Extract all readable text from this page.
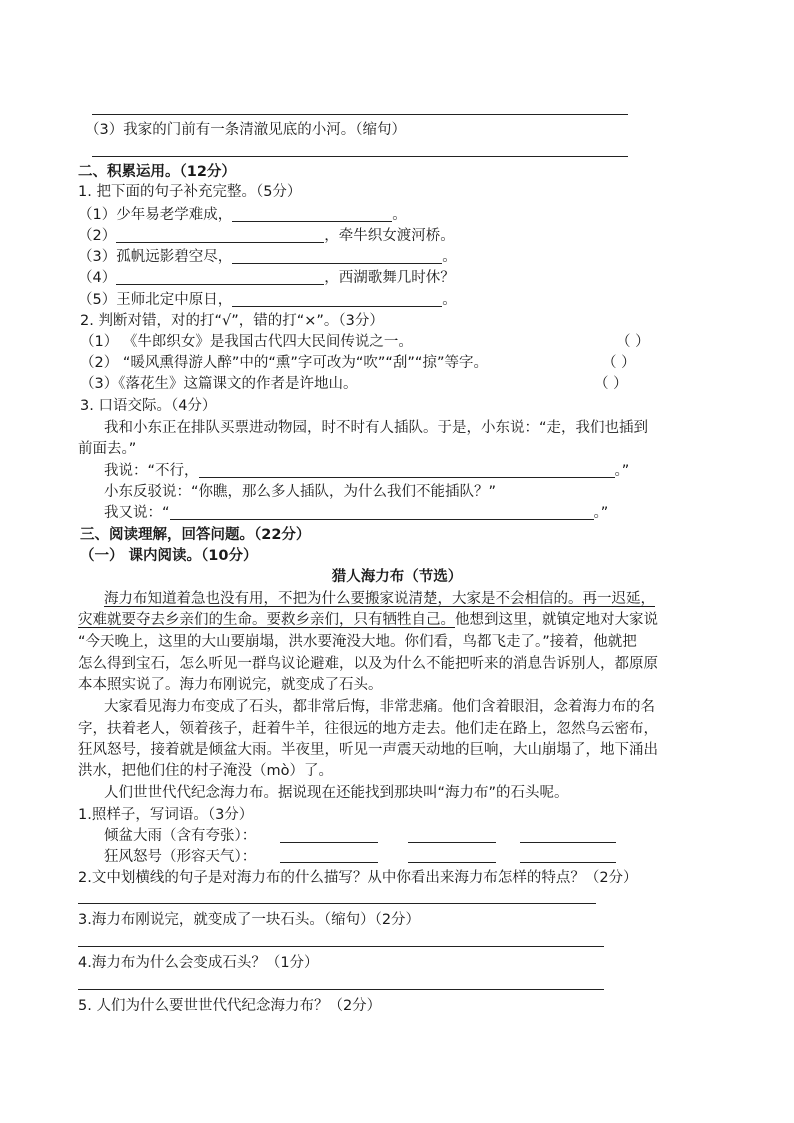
（3）我家的门前有一条清澈见底的小河。（缩句）
二、积累运用。（12分）
1. 把下面的句子补充完整。（5分）
（1）少年易老学难成，	。
（2）	，牵牛织女渡河桥。
（3）孤帆远影碧空尽，	。
（4）	，西湖歌舞几时休？
（5）王师北定中原日，	。
2. 判断对错，对的打“√”，错的打“×”。（3分）
（1） 《牛郎织女》是我国古代四大民间传说之一。	（ ）
（2） “暖风熏得游人醉”中的“熏”字可改为“吹”“刮”“掠”等字。	（ ）
（3）《落花生》这篇课文的作者是许地山。	（ ）
3. 口语交际。（4分）
我和小东正在排队买票进动物园，时不时有人插队。于是，小东说：“走，我们也插到
前面去。”
我说：“不行，	。”
小东反驳说：“你瞧，那么多人插队，为什么我们不能插队？”
我又说：“	。”
三、阅读理解，回答问题。（22分）
（一） 课内阅读。（10分）
猎人海力布（节选）
海力布知道着急也没有用，不把为什么要搬家说清楚，大家是不会相信的。再一迟延，
灾难就要夺去乡亲们的生命。要救乡亲们，只有牺牲自己。他想到这里，就镇定地对大家说
“今天晚上，这里的大山要崩塌，洪水要淹没大地。你们看，鸟都飞走了。”接着，他就把
怎么得到宝石，怎么听见一群鸟议论避难，以及为什么不能把听来的消息告诉别人，都原原
本本照实说了。海力布刚说完，就变成了石头。
大家看见海力布变成了石头，都非常后悔，非常悲痛。他们含着眼泪，念着海力布的名
字，扶着老人，领着孩子，赶着牛羊，往很远的地方走去。他们走在路上，忽然乌云密布，
狂风怒号，接着就是倾盆大雨。半夜里，听见一声震天动地的巨响，大山崩塌了，地下涌出
洪水，把他们住的村子淹没（mò）了。
人们世世代代纪念海力布。据说现在还能找到那块叫“海力布”的石头呢。
1.照样子，写词语。（3分）
倾盆大雨（含有夸张）：
狂风怒号（形容天气）：
2.文中划横线的句子是对海力布的什么描写？从中你看出来海力布怎样的特点？（2分）
3.海力布刚说完，就变成了一块石头。（缩句）（2分）
4.海力布为什么会变成石头？（1分）
5. 人们为什么要世世代代纪念海力布？（2分）
